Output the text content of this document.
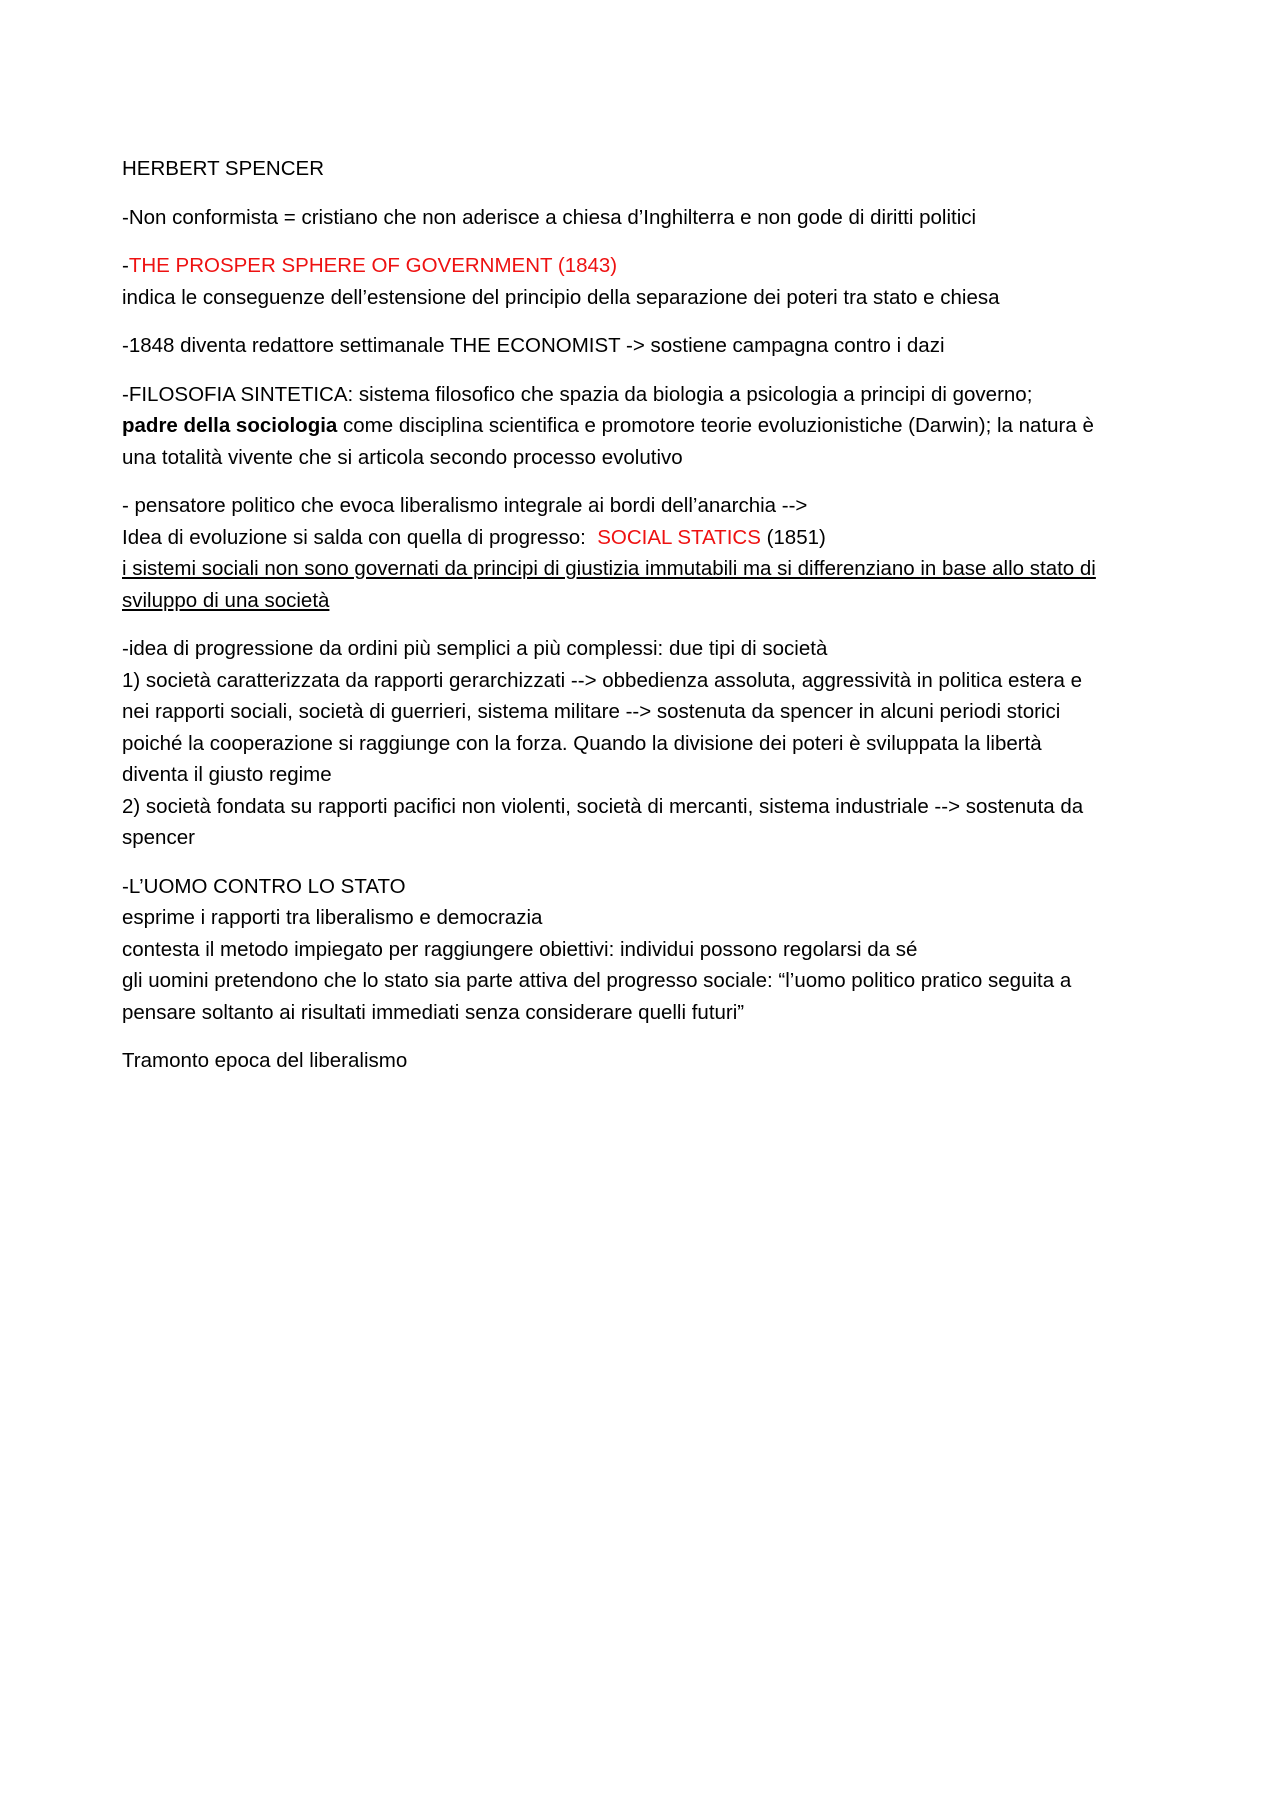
HERBERT SPENCER

-Non conformista = cristiano che non aderisce a chiesa d’Inghilterra e non gode di diritti politici

-THE PROSPER SPHERE OF GOVERNMENT (1843)
indica le conseguenze dell’estensione del principio della separazione dei poteri tra stato e chiesa

-1848 diventa redattore settimanale THE ECONOMIST -> sostiene campagna contro i dazi

-FILOSOFIA SINTETICA: sistema filosofico che spazia da biologia a psicologia a principi di governo;
padre della sociologia come disciplina scientifica e promotore teorie evoluzionistiche (Darwin); la natura è
una totalità vivente che si articola secondo processo evolutivo

- pensatore politico che evoca liberalismo integrale ai bordi dell’anarchia -->
Idea di evoluzione si salda con quella di progresso:  SOCIAL STATICS (1851)
i sistemi sociali non sono governati da principi di giustizia immutabili ma si differenziano in base allo stato di
sviluppo di una società

-idea di progressione da ordini più semplici a più complessi: due tipi di società
1) società caratterizzata da rapporti gerarchizzati --> obbedienza assoluta, aggressività in politica estera e
nei rapporti sociali, società di guerrieri, sistema militare --> sostenuta da spencer in alcuni periodi storici
poiché la cooperazione si raggiunge con la forza. Quando la divisione dei poteri è sviluppata la libertà
diventa il giusto regime
2) società fondata su rapporti pacifici non violenti, società di mercanti, sistema industriale --> sostenuta da
spencer

-L’UOMO CONTRO LO STATO
esprime i rapporti tra liberalismo e democrazia
contesta il metodo impiegato per raggiungere obiettivi: individui possono regolarsi da sé
gli uomini pretendono che lo stato sia parte attiva del progresso sociale: “l’uomo politico pratico seguita a
pensare soltanto ai risultati immediati senza considerare quelli futuri”

Tramonto epoca del liberalismo
